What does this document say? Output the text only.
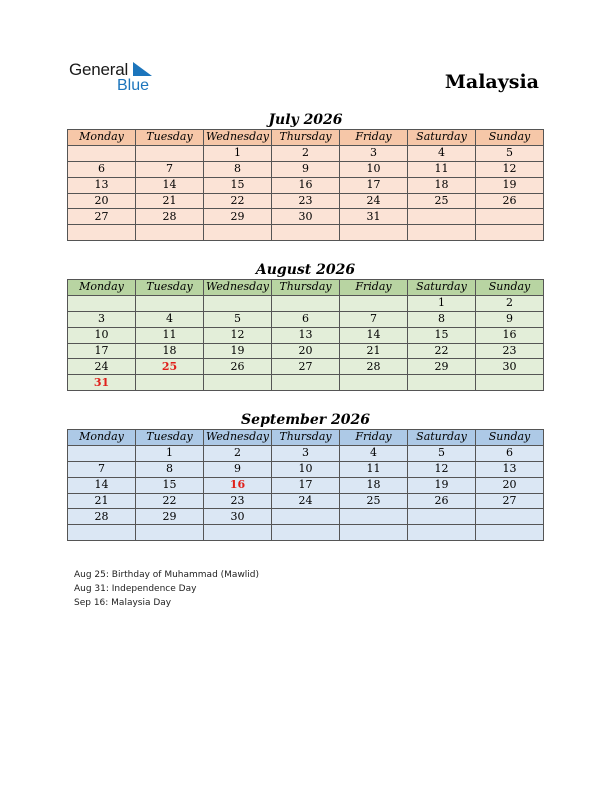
General
Blue	Malaysia
July 2026
Monday	Tuesday	Wednesday	Thursday	Friday	Saturday	Sunday
		1	2	3	4	5
6	7	8	9	10	11	12
13	14	15	16	17	18	19
20	21	22	23	24	25	26
27	28	29	30	31		

August 2026
Monday	Tuesday	Wednesday	Thursday	Friday	Saturday	Sunday
					1	2
3	4	5	6	7	8	9
10	11	12	13	14	15	16
17	18	19	20	21	22	23
24	25	26	27	28	29	30
31						
September 2026
Monday	Tuesday	Wednesday	Thursday	Friday	Saturday	Sunday
	1	2	3	4	5	6
7	8	9	10	11	12	13
14	15	16	17	18	19	20
21	22	23	24	25	26	27
28	29	30				

Aug 25: Birthday of Muhammad (Mawlid)
Aug 31: Independence Day
Sep 16: Malaysia Day
